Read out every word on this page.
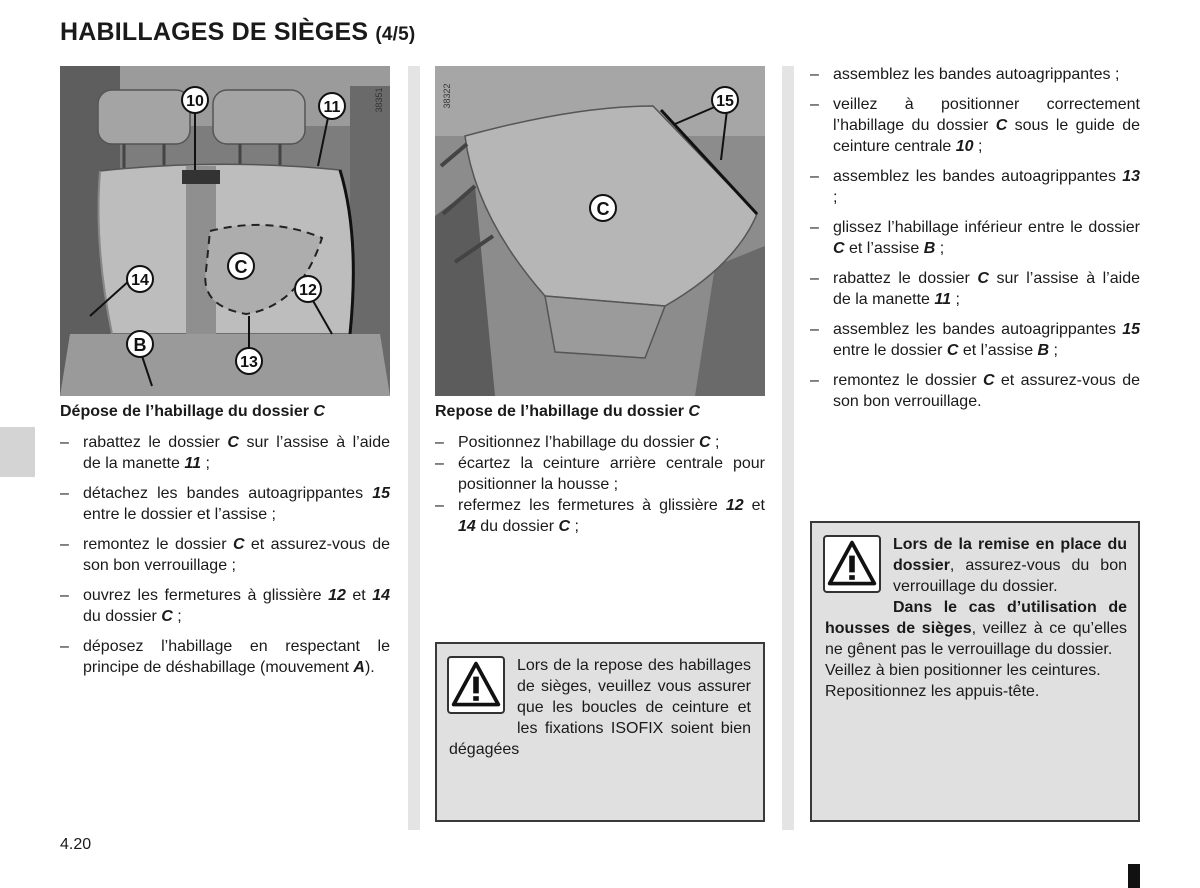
HABILLAGES DE SIÈGES (4/5)
10	11
14
12
13
C
B
38351	15
C
38322
Dépose de l’habillage du dossier C
– rabattez le dossier C sur l’assise à l’aide de la manette 11 ;
– détachez les bandes autoagrippantes 15 entre le dossier et l’assise ;
– remontez le dossier C et assurez-vous de son bon verrouillage ;
– ouvrez les fermetures à glissière 12 et 14 du dossier C ;
– déposez l’habillage en respectant le principe de déshabillage (mouvement A).
Repose de l’habillage du dossier C
– Positionnez l’habillage du dossier C ;
– écartez la ceinture arrière centrale pour positionner la housse ;
– refermez les fermetures à glissière 12 et 14 du dossier C ;
– assemblez les bandes autoagrippantes ;
– veillez à positionner correctement l’habillage du dossier C sous le guide de ceinture centrale 10 ;
– assemblez les bandes autoagrippantes 13 ;
– glissez l’habillage inférieur entre le dossier C et l’assise B ;
– rabattez le dossier C sur l’assise à l’aide de la manette 11 ;
– assemblez les bandes autoagrippantes 15 entre le dossier C et l’assise B ;
– remontez le dossier C et assurez-vous de son bon verrouillage.
Lors de la repose des habillages de sièges, veuillez vous assurer que les boucles de ceinture et les fixations ISOFIX soient bien dégagées

Lors de la remise en place du dossier, assurez-vous du bon verrouillage du dossier.

Dans le cas d’utilisation de housses de sièges, veillez à ce qu’elles ne gênent pas le verrouillage du dossier.

Veillez à bien positionner les ceintures.

Repositionnez les appuis-tête.

4.20
